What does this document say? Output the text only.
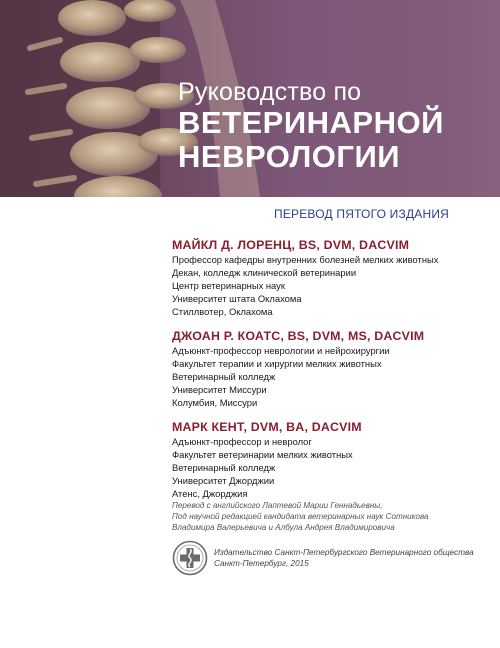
Руководство по
ВЕТЕРИНАРНОЙ
НЕВРОЛОГИИ
ПЕРЕВОД ПЯТОГО ИЗДАНИЯ
МАЙКЛ Д. ЛОРЕНЦ, BS, DVM, DACVIM
Профессор кафедры внутренних болезней мелких животных
Декан, колледж клинической ветеринарии
Центр ветеринарных наук
Университет штата Оклахома
Стиллвотер, Оклахома
ДЖОАН Р. КОАТС, BS, DVM, MS, DACVIM
Адъюнкт-профессор неврологии и нейрохирургии
Факультет терапии и хирургии мелких животных
Ветеринарный колледж
Университет Миссури
Колумбия, Миссури
МАРК КЕНТ, DVM, BA, DACVIM
Адъюнкт-профессор и невролог
Факультет ветеринарии мелких животных
Ветеринарный колледж
Университет Джорджии
Атенс, Джорджия
Перевод с английского Лаптевой Марии Геннадьевны,
Под научной редакцией кандидата ветеринарных наук Сотникова
Владимира Валерьевича и Албула Андрея Владимировича
Издательство Санкт-Петербургского Ветеринарного общества
Санкт-Петербург, 2015
